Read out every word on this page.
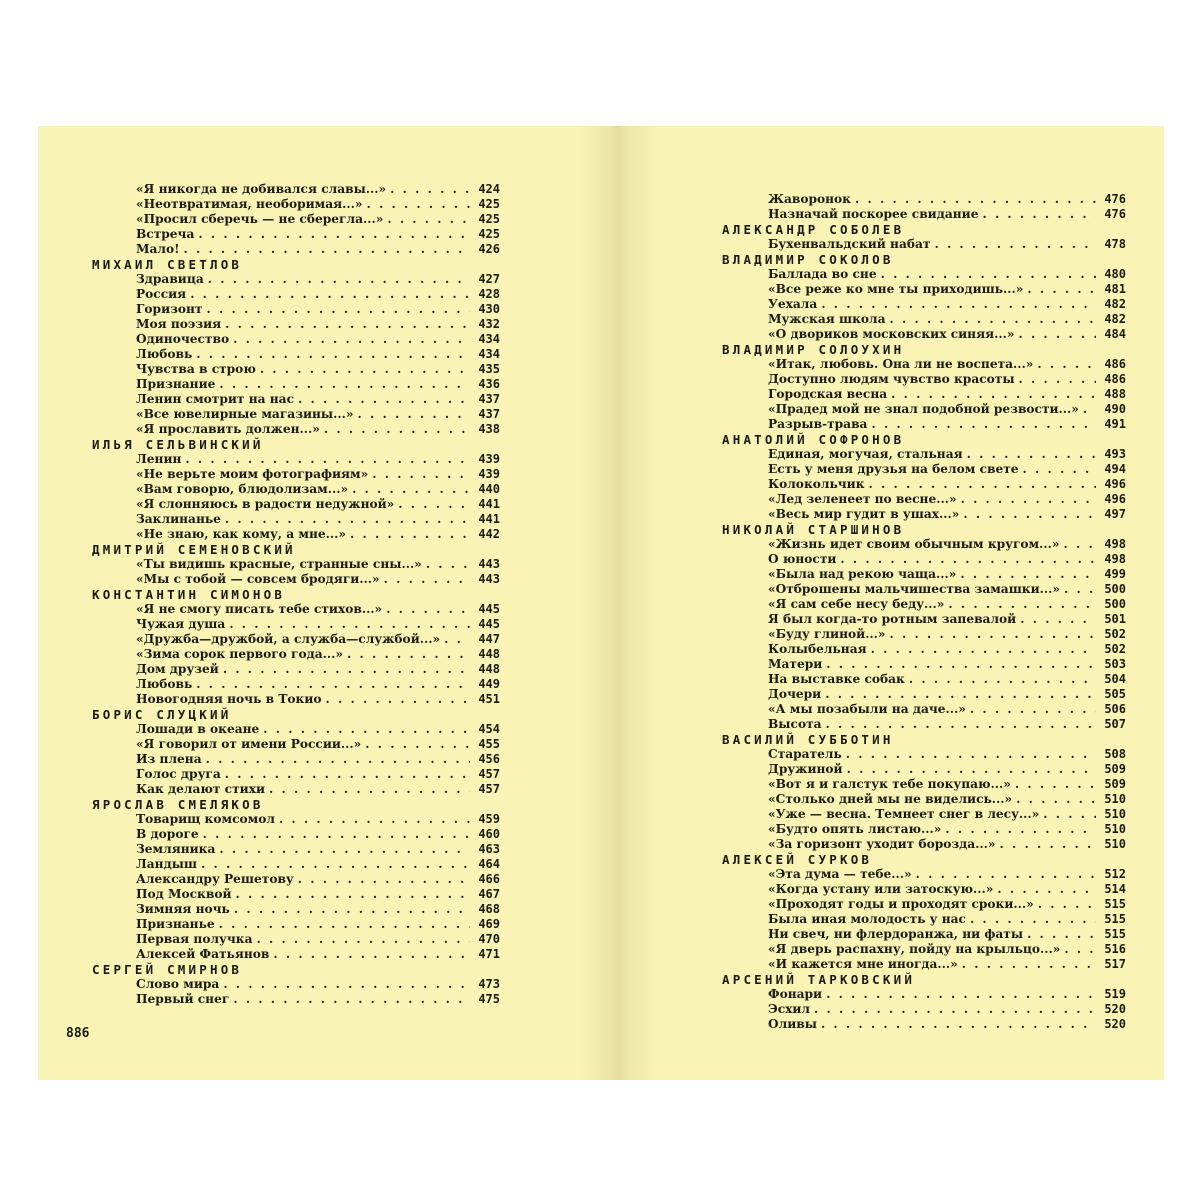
«Я никогда не добивался славы...» . . .	424
«Неотвратимая, необоримая...» . . .	425
«Просил сберечь — не сберегла...» . . .	425
Встреча . . .	425
Мало! . . .	426
МИХАИЛ СВЕТЛОВ
Здравица . . .	427
Россия . . .	428
Горизонт . . .	430
Моя поэзия . . .	432
Одиночество . . .	434
Любовь . . .	434
Чувства в строю . . .	435
Признание . . .	436
Ленин смотрит на нас . . .	437
«Все ювелирные магазины...» . . .	437
«Я прославить должен...» . . .	438
ИЛЬЯ СЕЛЬВИНСКИЙ
Ленин . . .	439
«Не верьте моим фотографиям» . . .	439
«Вам говорю, блюдолизам...» . . .	440
«Я слонняюсь в радости недужной» . . .	441
Заклинанье . . .	441
«Не знаю, как кому, а мне...» . . .	442
ДМИТРИЙ СЕМЕНОВСКИЙ
«Ты видишь красные, странные сны...» . . .	443
«Мы с тобой — совсем бродяги...» . . .	443
КОНСТАНТИН СИМОНОВ
«Я не смогу писать тебе стихов...» . . .	445
Чужая душа . . .	445
«Дружба—дружбой, а служба—службой...» . . .	447
«Зима сорок первого года...» . . .	448
Дом друзей . . .	448
Любовь . . .	449
Новогодняя ночь в Токио . . .	451
БОРИС СЛУЦКИЙ
Лошади в океане . . .	454
«Я говорил от имени России...» . . .	455
Из плена . . .	456
Голос друга . . .	457
Как делают стихи . . .	457
ЯРОСЛАВ СМЕЛЯКОВ
Товарищ комсомол . . .	459
В дороге . . .	460
Земляника . . .	463
Ландыш . . .	464
Александру Решетову . . .	466
Под Москвой . . .	467
Зимняя ночь . . .	468
Признанье . . .	469
Первая получка . . .	470
Алексей Фатьянов . . .	471
СЕРГЕЙ СМИРНОВ
Слово мира . . .	473
Первый снег . . .	475
Жаворонок . . .	476
Назначай поскорее свидание . . .	476
АЛЕКСАНДР СОБОЛЕВ
Бухенвальдский набат . . .	478
ВЛАДИМИР СОКОЛОВ
Баллада во сне . . .	480
«Все реже ко мне ты приходишь...» . . .	481
Уехала . . .	482
Мужская школа . . .	482
«О двориков московских синяя...» . . .	484
ВЛАДИМИР СОЛОУХИН
«Итак, любовь. Она ли не воспета...» . . .	486
Доступно людям чувство красоты . . .	486
Городская весна . . .	488
«Прадед мой не знал подобной резвости...» . . .	490
Разрыв-трава . . .	491
АНАТОЛИЙ СОФРОНОВ
Единая, могучая, стальная . . .	493
Есть у меня друзья на белом свете . . .	494
Колокольчик . . .	496
«Лед зеленеет по весне...» . . .	496
«Весь мир гудит в ушах...» . . .	497
НИКОЛАЙ СТАРШИНОВ
«Жизнь идет своим обычным кругом...» . . .	498
О юности . . .	498
«Была над рекою чаща...» . . .	499
«Отброшены мальчишества замашки...» . . .	500
«Я сам себе несу беду...» . . .	500
Я был когда-то ротным запевалой . . .	501
«Буду глиной...» . . .	502
Колыбельная . . .	502
Матери . . .	503
На выставке собак . . .	504
Дочери . . .	505
«А мы позабыли на даче...» . . .	506
Высота . . .	507
ВАСИЛИЙ СУББОТИН
Старатель . . .	508
Дружиной . . .	509
«Вот я и галстук тебе покупаю...» . . .	509
«Столько дней мы не виделись...» . . .	510
«Уже — весна. Темнеет снег в лесу...» . . .	510
«Будто опять листаю...» . . .	510
«За горизонт уходит борозда...» . . .	510
АЛЕКСЕЙ СУРКОВ
«Эта дума — тебе...» . . .	512
«Когда устану или затоскую...» . . .	514
«Проходят годы и проходят сроки...» . . .	515
Была иная молодость у нас . . .	515
Ни свеч, ни флердоранжа, ни фаты . . .	515
«Я дверь распахну, пойду на крыльцо...» . . .	516
«И кажется мне иногда...» . . .	517
АРСЕНИЙ ТАРКОВСКИЙ
Фонари . . .	519
Эсхил . . .	520
Оливы . . .	520
886
